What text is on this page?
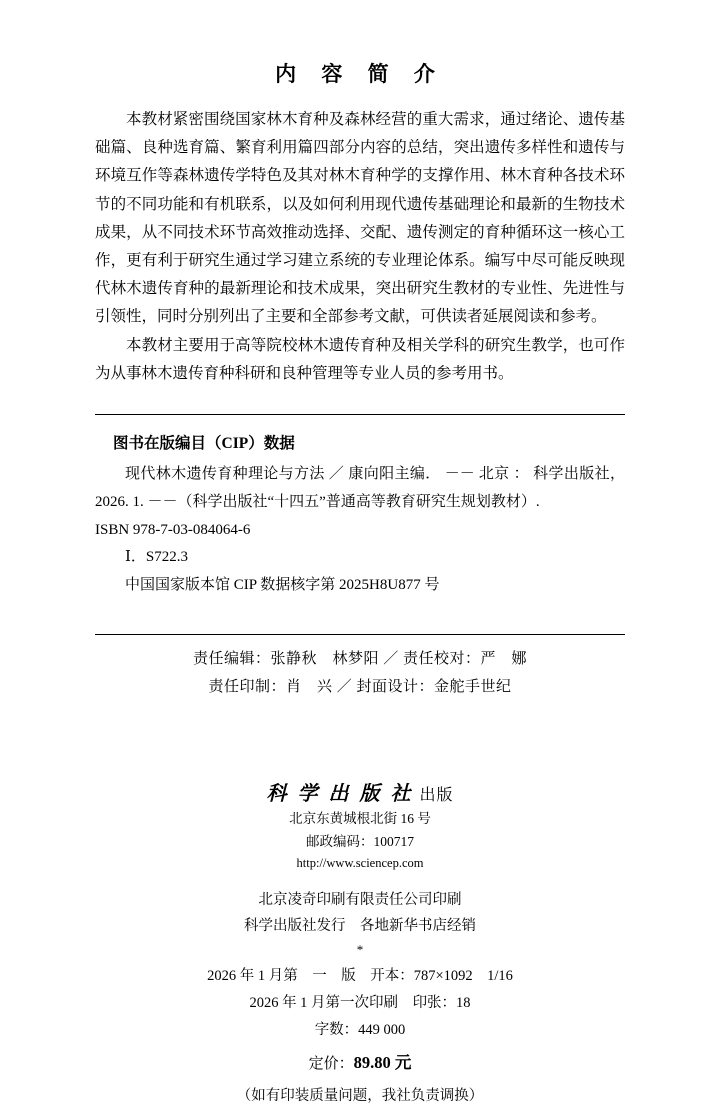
内 容 简 介

本教材紧密围绕国家林木育种及森林经营的重大需求，通过绪论、遗传基础篇、良种选育篇、繁育利用篇四部分内容的总结，突出遗传多样性和遗传与环境互作等森林遗传学特色及其对林木育种学的支撑作用、林木育种各技术环节的不同功能和有机联系，以及如何利用现代遗传基础理论和最新的生物技术成果，从不同技术环节高效推动选择、交配、遗传测定的育种循环这一核心工作，更有利于研究生通过学习建立系统的专业理论体系。编写中尽可能反映现代林木遗传育种的最新理论和技术成果，突出研究生教材的专业性、先进性与引领性，同时分别列出了主要和全部参考文献，可供读者延展阅读和参考。

本教材主要用于高等院校林木遗传育种及相关学科的研究生教学，也可作为从事林木遗传育种科研和良种管理等专业人员的参考用书。

图书在版编目（CIP）数据

现代林木遗传育种理论与方法 ／ 康向阳主编． －－ 北京 ： 科学出版社，2026. 1. －－（科学出版社“十四五”普通高等教育研究生规划教材）.

ISBN 978-7-03-084064-6

Ⅰ．S722.3

中国国家版本馆 CIP 数据核字第 2025H8U877 号

责任编辑：张静秋　林梦阳 ／ 责任校对：严　娜
责任印制：肖　兴 ／ 封面设计：金舵手世纪
科 学 出 版 社 出版
北京东黄城根北街 16 号
邮政编码：100717
http://www.sciencep.com
北京凌奇印刷有限责任公司印刷
科学出版社发行　各地新华书店经销
*
2026 年 1 月第　一　版 开本：787×1092　1/16
2026 年 1 月第一次印刷 印张：18
字数：449 000
定价：89.80 元
（如有印装质量问题，我社负责调换）
